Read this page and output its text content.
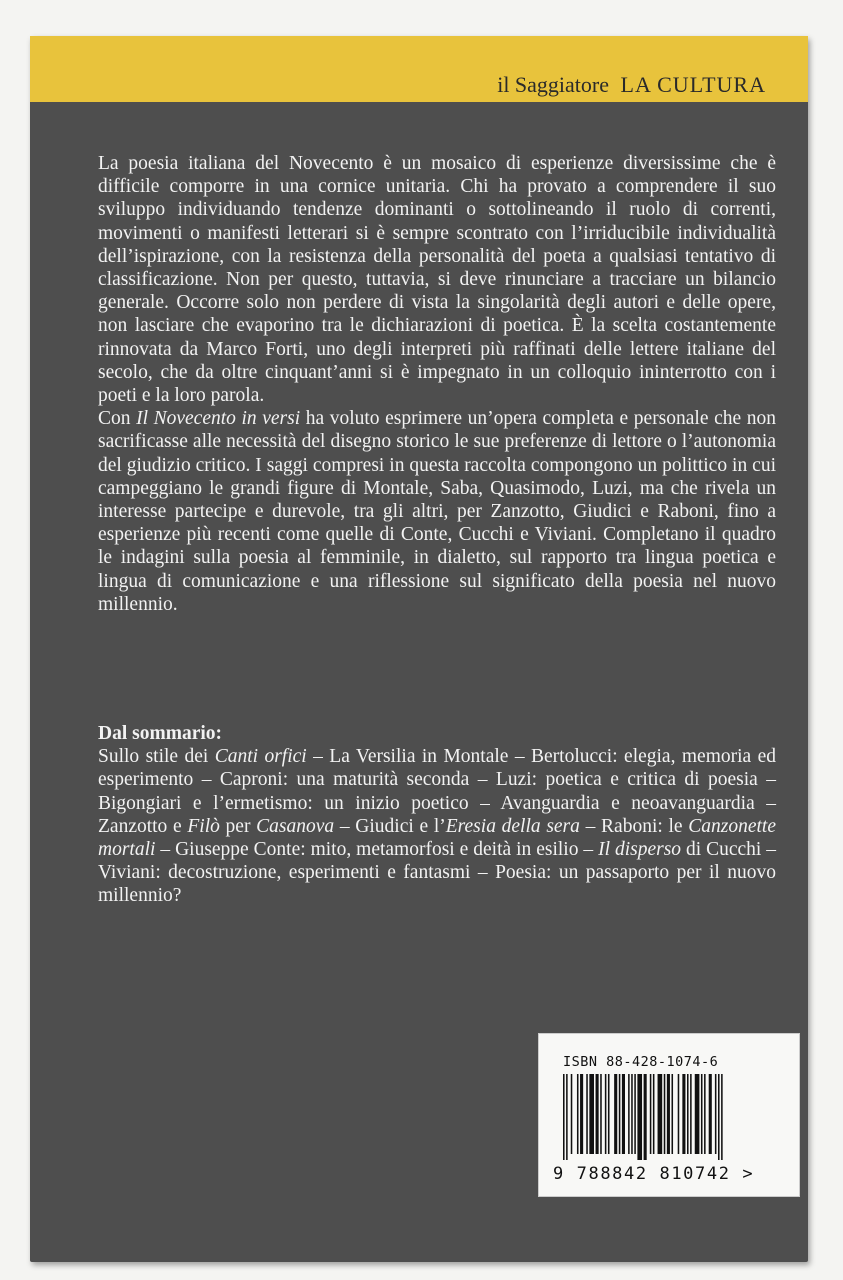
il Saggiatore LA CULTURA

La poesia italiana del Novecento è un mosaico di esperienze diversissime che è difficile comporre in una cornice unitaria. Chi ha provato a comprendere il suo sviluppo individuando tendenze dominanti o sottolineando il ruolo di correnti, movimenti o manifesti letterari si è sempre scontrato con l’irriducibile individualità dell’ispirazione, con la resistenza della personalità del poeta a qualsiasi tentativo di classificazione. Non per questo, tuttavia, si deve rinunciare a tracciare un bilancio generale. Occorre solo non perdere di vista la singolarità degli autori e delle opere, non lasciare che evaporino tra le dichiarazioni di poetica. È la scelta costantemente rinnovata da Marco Forti, uno degli interpreti più raffinati delle lettere italiane del secolo, che da oltre cinquant’anni si è impegnato in un colloquio ininterrotto con i poeti e la loro parola.

Con Il Novecento in versi ha voluto esprimere un’opera completa e personale che non sacrificasse alle necessità del disegno storico le sue preferenze di lettore o l’autonomia del giudizio critico. I saggi compresi in questa raccolta compongono un polittico in cui campeggiano le grandi figure di Montale, Saba, Quasimodo, Luzi, ma che rivela un interesse partecipe e durevole, tra gli altri, per Zanzotto, Giudici e Raboni, fino a esperienze più recenti come quelle di Conte, Cucchi e Viviani. Completano il quadro le indagini sulla poesia al femminile, in dialetto, sul rapporto tra lingua poetica e lingua di comunicazione e una riflessione sul significato della poesia nel nuovo millennio.

Dal sommario:
Sullo stile dei Canti orfici – La Versilia in Montale – Bertolucci: elegia, memoria ed esperimento – Caproni: una maturità seconda – Luzi: poetica e critica di poesia – Bigongiari e l’ermetismo: un inizio poetico – Avanguardia e neoavanguardia – Zanzotto e Filò per Casanova – Giudici e l’Eresia della sera – Raboni: le Canzonette mortali – Giuseppe Conte: mito, metamorfosi e deità in esilio – Il disperso di Cucchi – Viviani: decostruzione, esperimenti e fantasmi – Poesia: un passaporto per il nuovo millennio?
ISBN 88-428-1074-6
9 788842 810742 >
